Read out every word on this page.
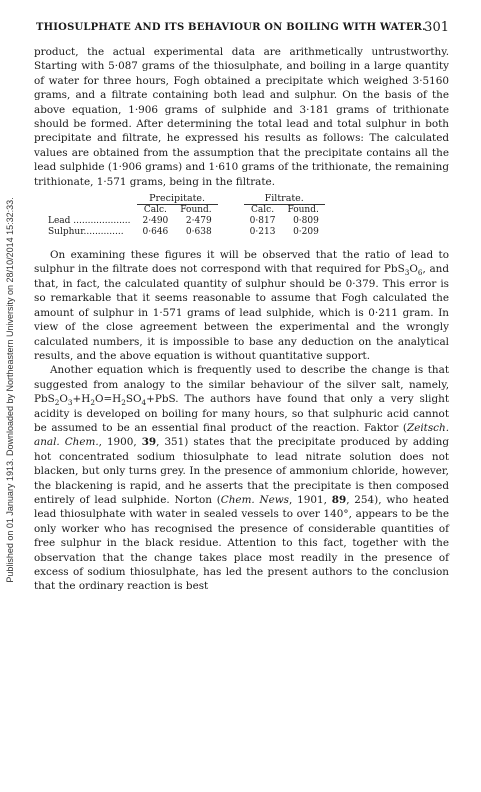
THIOSULPHATE AND ITS BEHAVIOUR ON BOILING WITH WATER.
301
Published on 01 January 1913. Downloaded by Northeastern University on 28/10/2014 15:32:33.

product, the actual experimental data are arithmetically untrustworthy. Starting with 5·087 grams of the thiosulphate, and boiling in a large quantity of water for three hours, Fogh obtained a precipitate which weighed 3·5160 grams, and a filtrate containing both lead and sulphur. On the basis of the above equation, 1·906 grams of sulphide and 3·181 grams of trithionate should be formed. After determining the total lead and total sulphur in both precipitate and filtrate, he expressed his results as follows: The calculated values are obtained from the assumption that the precipitate contains all the lead sulphide (1·906 grams) and 1·610 grams of the trithionate, the remaining trithionate, 1·571 grams, being in the filtrate.

	Precipitate.			Filtrate.	

	Calc.	Found.		Calc.	Found.
Lead ....................	2·490	2·479		0·817	0·809
Sulphur..............	0·646	0·638		0·213	0·209

On examining these figures it will be observed that the ratio of lead to sulphur in the filtrate does not correspond with that required for $PbS_3O_6$, and that, in fact, the calculated quantity of sulphur should be 0·379. This error is so remarkable that it seems reasonable to assume that Fogh calculated the amount of sulphur in 1·571 grams of lead sulphide, which is 0·211 gram. In view of the close agreement between the experimental and the wrongly calculated numbers, it is impossible to base any deduction on the analytical results, and the above equation is without quantitative support.

Another equation which is frequently used to describe the change is that suggested from analogy to the similar behaviour of the silver salt, namely, $PbS_2O_3+H_2O=H_2SO_4+PbS$. The authors have found that only a very slight acidity is developed on boiling for many hours, so that sulphuric acid cannot be assumed to be an essential final product of the reaction. Faktor (Zeitsch. anal. Chem., 1900, 39, 351) states that the precipitate produced by adding hot concentrated sodium thiosulphate to lead nitrate solution does not blacken, but only turns grey. In the presence of ammonium chloride, however, the blackening is rapid, and he asserts that the precipitate is then composed entirely of lead sulphide. Norton (Chem. News, 1901, 89, 254), who heated lead thiosulphate with water in sealed vessels to over 140°, appears to be the only worker who has recognised the presence of considerable quantities of free sulphur in the black residue. Attention to this fact, together with the observation that the change takes place most readily in the presence of excess of sodium thiosulphate, has led the present authors to the conclusion that the ordinary reaction is best
